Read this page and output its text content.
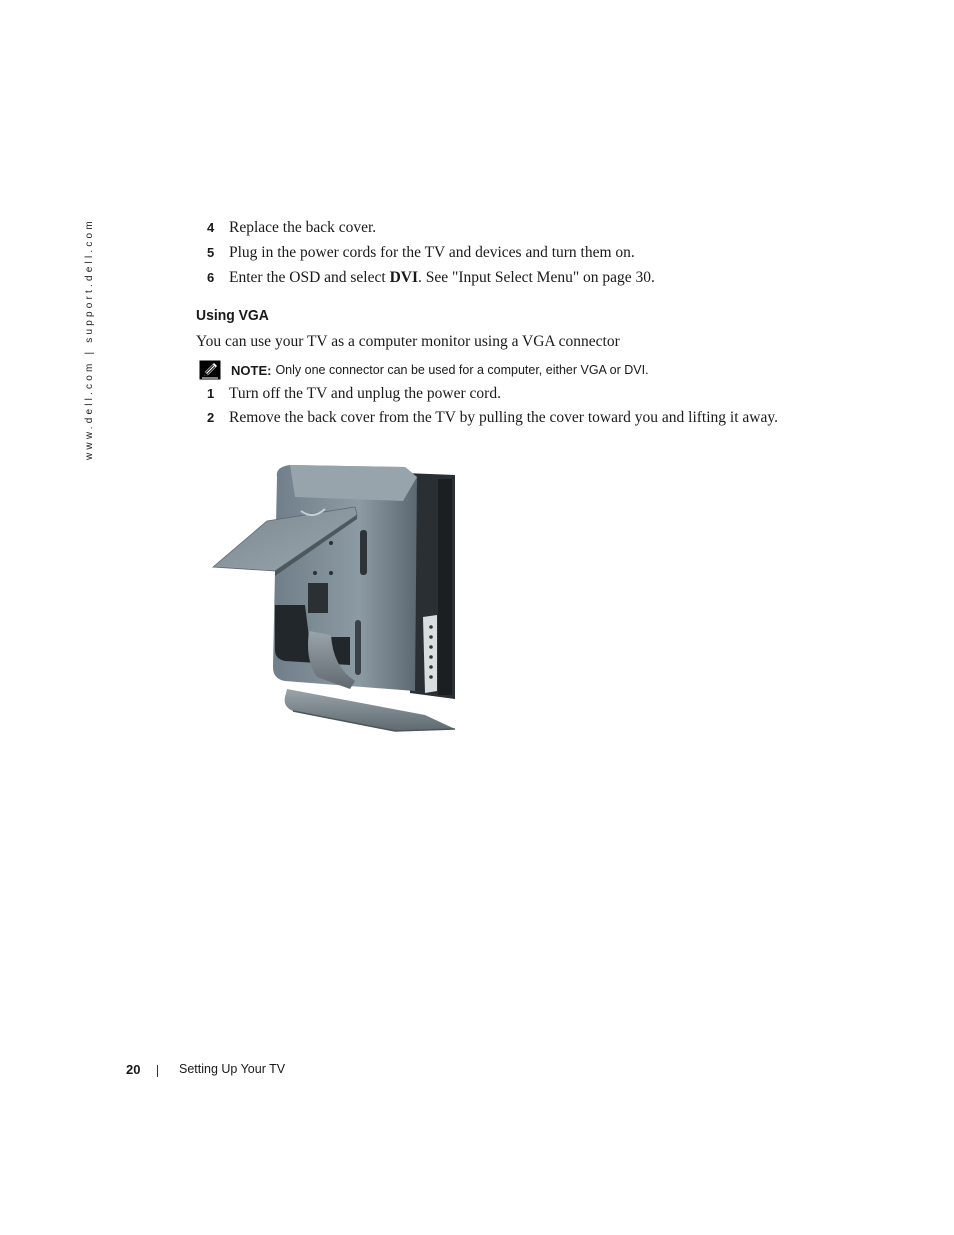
www.dell.com | support.dell.com	4 Replace the back cover.
5 Plug in the power cords for the TV and devices and turn them on.
6 Enter the OSD and select DVI. See "Input Select Menu" on page 30.
Using VGA
You can use your TV as a computer monitor using a VGA connector
NOTE: Only one connector can be used for a computer, either VGA or DVI.
1 Turn off the TV and unplug the power cord.
2 Remove the back cover from the TV by pulling the cover toward you and lifting it away.
20	Setting Up Your TV
